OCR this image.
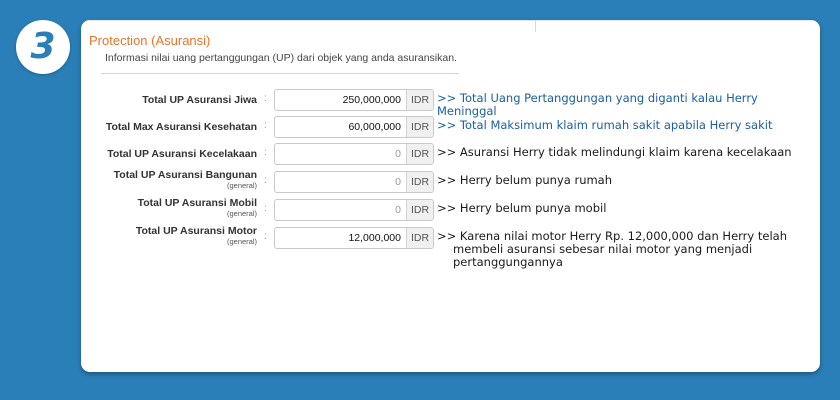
3	Protection (Asuransi)
Informasi nilai uang pertanggungan (UP) dari objek yang anda asuransikan.
Total UP Asuransi Jiwa :	250,000,000 IDR >> Total Uang Pertanggungan yang diganti kalau Herry Meninggal
Total Max Asuransi Kesehatan :	60,000,000 IDR >> Total Maksimum klaim rumah sakit apabila Herry sakit
Total UP Asuransi Kecelakaan :	0 IDR >> Asuransi Herry tidak melindungi klaim karena kecelakaan
Total UP Asuransi Bangunan
(general) :	0 IDR >> Herry belum punya rumah
Total UP Asuransi Mobil
(general) :	0 IDR >> Herry belum punya mobil
Total UP Asuransi Motor
(general) :	12,000,000 IDR >> Karena nilai motor Herry Rp. 12,000,000 dan Herry telah membeli asuransi sebesar nilai motor yang menjadi pertanggungannya
